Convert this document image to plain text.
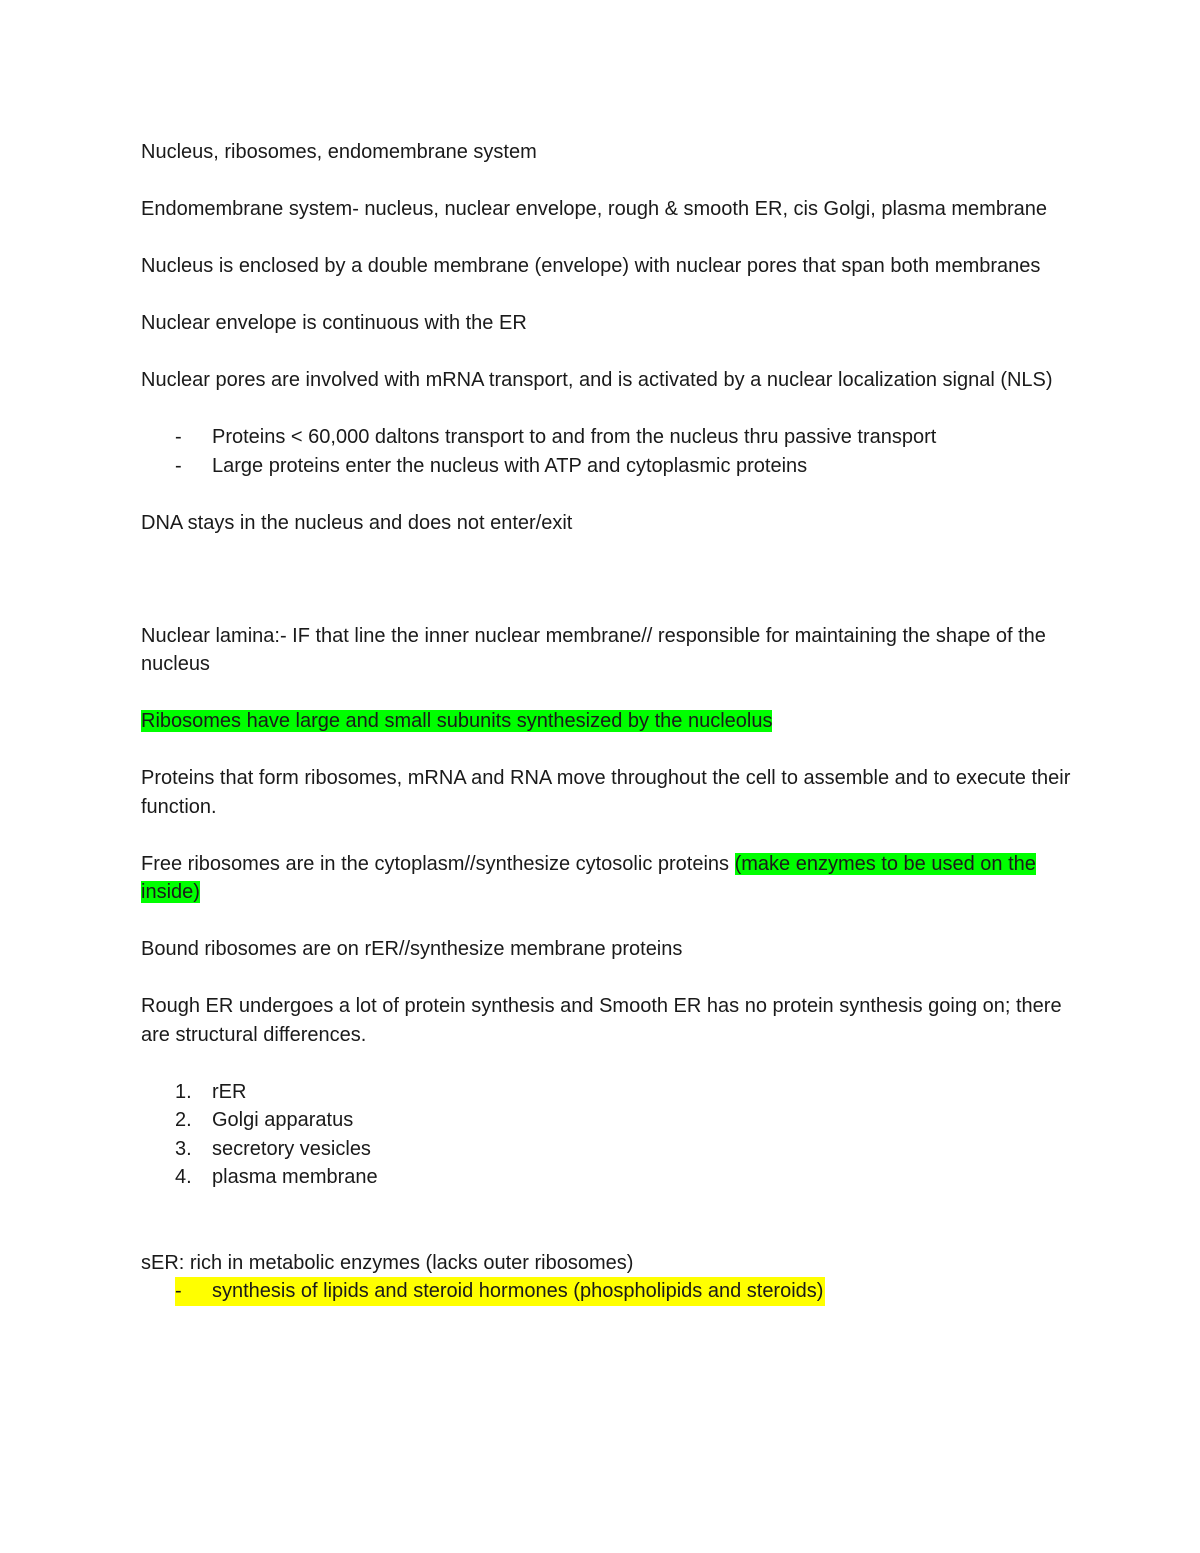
Nucleus, ribosomes, endomembrane system

Endomembrane system- nucleus, nuclear envelope, rough & smooth ER, cis Golgi, plasma membrane

Nucleus is enclosed by a double membrane (envelope) with nuclear pores that span both membranes

Nuclear envelope is continuous with the ER

Nuclear pores are involved with mRNA transport, and is activated by a nuclear localization signal (NLS)

- Proteins < 60,000 daltons transport to and from the nucleus thru passive transport
- Large proteins enter the nucleus with ATP and cytoplasmic proteins

DNA stays in the nucleus and does not enter/exit

Nuclear lamina:- IF that line the inner nuclear membrane// responsible for maintaining the shape of the nucleus

Ribosomes have large and small subunits synthesized by the nucleolus

Proteins that form ribosomes, mRNA and RNA move throughout the cell to assemble and to execute their function.

Free ribosomes are in the cytoplasm//synthesize cytosolic proteins (make enzymes to be used on the inside)

Bound ribosomes are on rER//synthesize membrane proteins

Rough ER undergoes a lot of protein synthesis and Smooth ER has no protein synthesis going on; there are structural differences.

1. rER
2. Golgi apparatus
3. secretory vesicles
4. plasma membrane
sER: rich in metabolic enzymes (lacks outer ribosomes)
- synthesis of lipids and steroid hormones (phospholipids and steroids)
